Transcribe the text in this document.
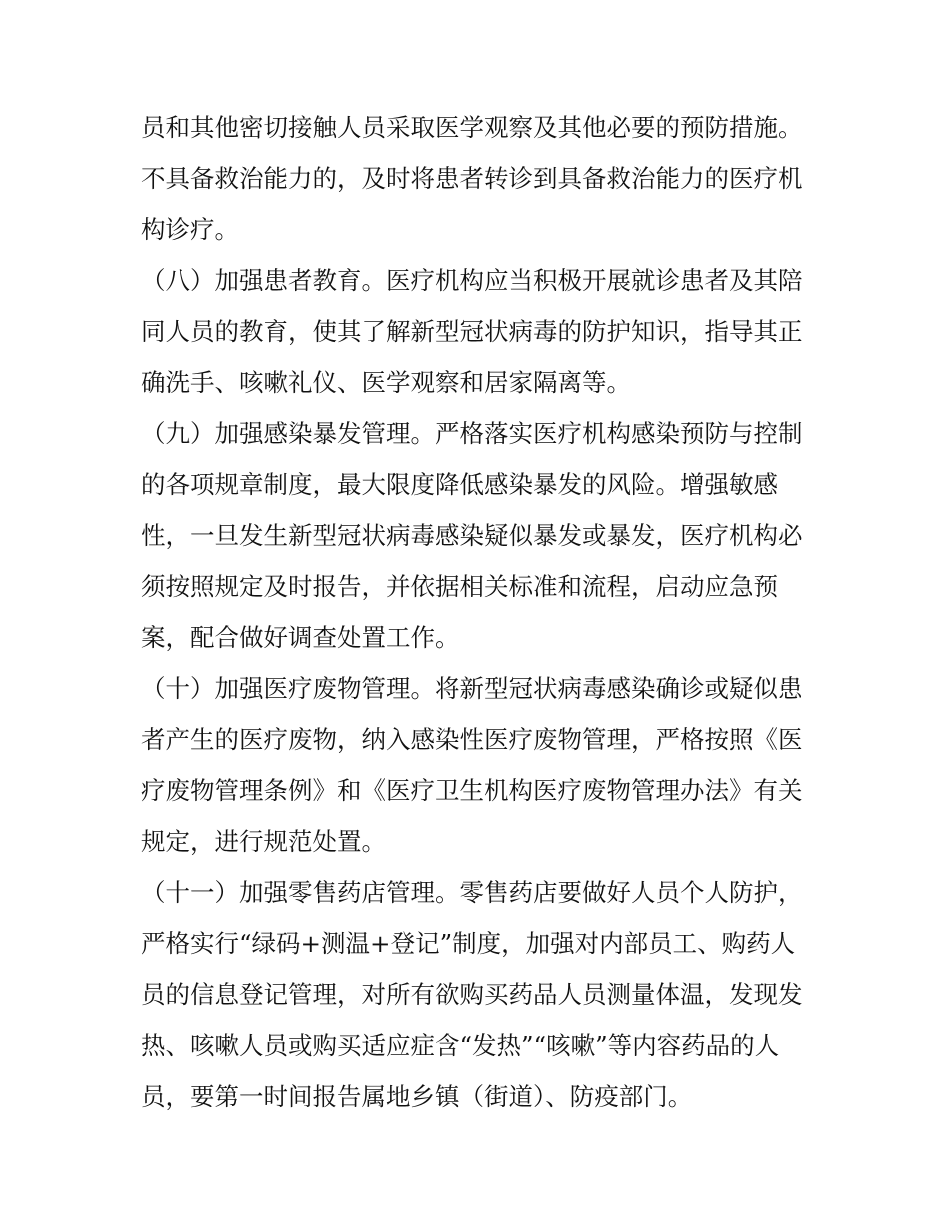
员和其他密切接触人员采取医学观察及其他必要的预防措施。
不具备救治能力的，及时将患者转诊到具备救治能力的医疗机
构诊疗。
（八）加强患者教育。医疗机构应当积极开展就诊患者及其陪
同人员的教育，使其了解新型冠状病毒的防护知识，指导其正
确洗手、咳嗽礼仪、医学观察和居家隔离等。
（九）加强感染暴发管理。严格落实医疗机构感染预防与控制
的各项规章制度，最大限度降低感染暴发的风险。增强敏感
性，一旦发生新型冠状病毒感染疑似暴发或暴发，医疗机构必
须按照规定及时报告，并依据相关标准和流程，启动应急预
案，配合做好调查处置工作。
（十）加强医疗废物管理。将新型冠状病毒感染确诊或疑似患
者产生的医疗废物，纳入感染性医疗废物管理，严格按照《医
疗废物管理条例》和《医疗卫生机构医疗废物管理办法》有关
规定，进行规范处置。
（十一）加强零售药店管理。零售药店要做好人员个人防护，
严格实行“绿码+测温+登记”制度，加强对内部员工、购药人
员的信息登记管理，对所有欲购买药品人员测量体温，发现发
热、咳嗽人员或购买适应症含“发热”“咳嗽”等内容药品的人
员，要第一时间报告属地乡镇（街道）、防疫部门。
